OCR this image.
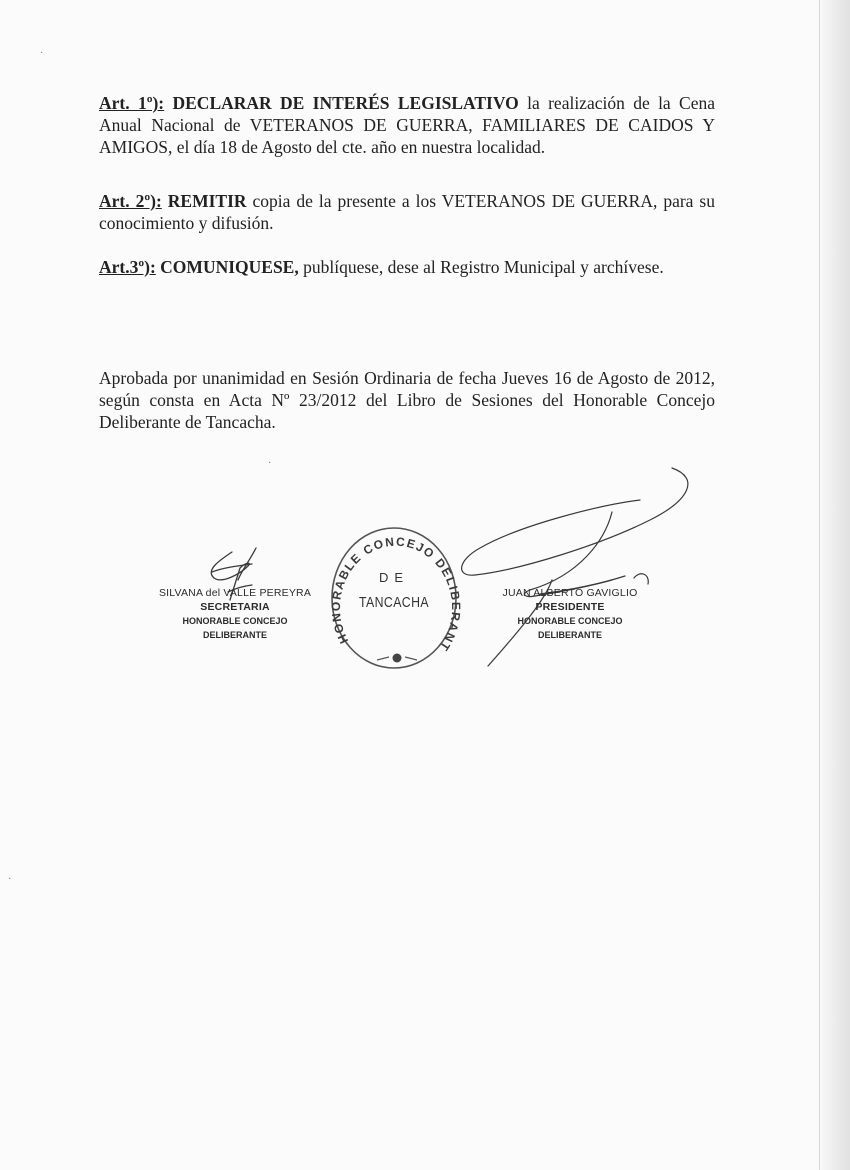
·
·
·

Art. 1º): DECLARAR DE INTERÉS LEGISLATIVO la realización de la Cena Anual Nacional de VETERANOS DE GUERRA, FAMILIARES DE CAIDOS Y AMIGOS, el día 18 de Agosto del cte. año en nuestra localidad.

Art. 2º): REMITIR copia de la presente a los VETERANOS DE GUERRA, para su conocimiento y difusión.

Art.3º): COMUNIQUESE, publíquese, dese al Registro Municipal y archívese.

Aprobada por unanimidad en Sesión Ordinaria de fecha Jueves 16 de Agosto de 2012, según consta en Acta Nº 23/2012 del Libro de Sesiones del Honorable Concejo Deliberante de Tancacha.

SILVANA del VALLE PEREYRA
SECRETARIA
HONORABLE CONCEJO DELIBERANTE
JUAN ALBERTO GAVIGLIO
PRESIDENTE
HONORABLE CONCEJO DELIBERANTE
HONORABLE CONCEJO DELIBERANT
DE
TANCACHA
